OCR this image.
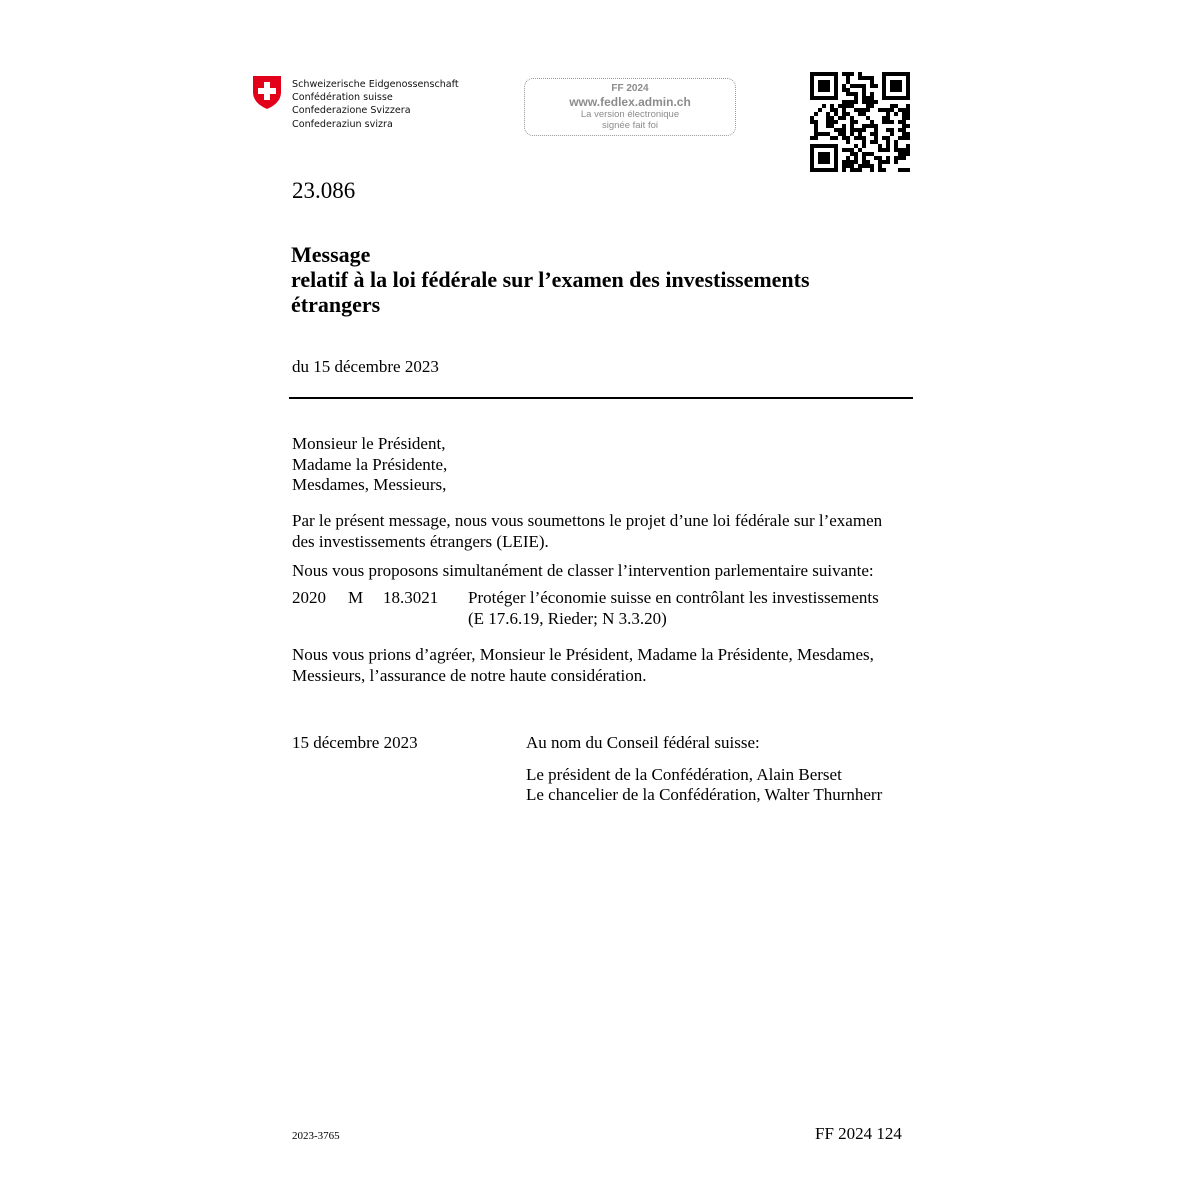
Schweizerische Eidgenossenschaft
Confédération suisse
Confederazione Svizzera
Confederaziun svizra
FF 2024
www.fedlex.admin.ch
La version électronique
signée fait foi
23.086
Message
relatif à la loi fédérale sur l’examen des investissements
étrangers
du 15 décembre 2023
Monsieur le Président,
Madame la Présidente,
Mesdames, Messieurs,
Par le présent message, nous vous soumettons le projet d’une loi fédérale sur l’examen
des investissements étrangers (LEIE).
Nous vous proposons simultanément de classer l’intervention parlementaire suivante:
2020 M 18.3021 Protéger l’économie suisse en contrôlant les investissements
(E 17.6.19, Rieder; N 3.3.20)
Nous vous prions d’agréer, Monsieur le Président, Madame la Présidente, Mesdames,
Messieurs, l’assurance de notre haute considération.
15 décembre 2023	Au nom du Conseil fédéral suisse:
Le président de la Confédération, Alain Berset
Le chancelier de la Confédération, Walter Thurnherr
2023-3765	FF 2024 124
